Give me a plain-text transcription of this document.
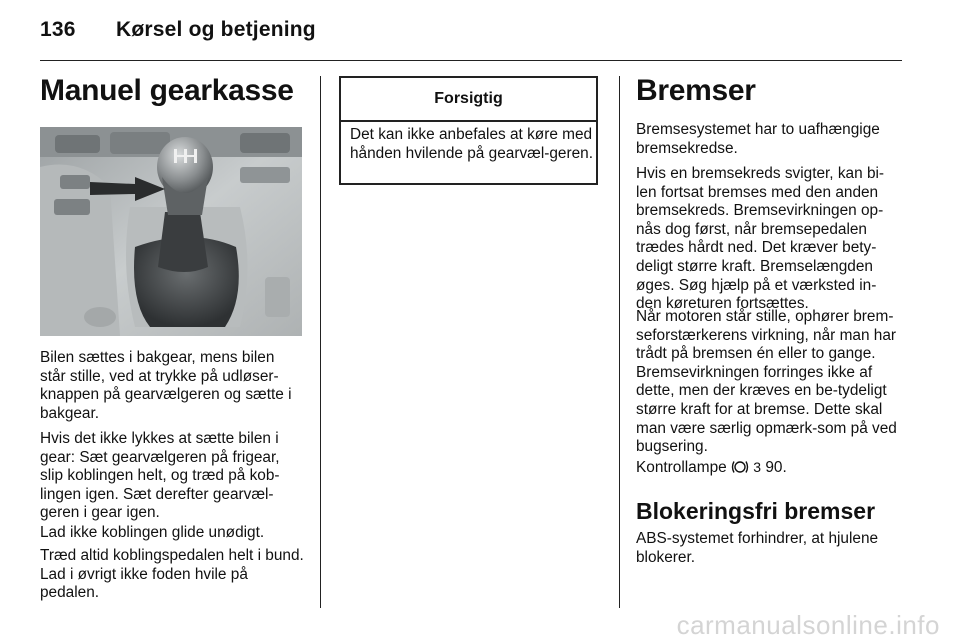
136 Kørsel og betjening
Manuel gearkasse

Bilen sættes i bakgear, mens bilen står stille, ved at trykke på udløser-knappen på gearvælgeren og sætte i bakgear.

Hvis det ikke lykkes at sætte bilen i gear: Sæt gearvælgeren på frigear, slip koblingen helt, og træd på kob-lingen igen. Sæt derefter gearvæl-geren i gear igen.

Lad ikke koblingen glide unødigt.

Træd altid koblingspedalen helt i bund. Lad i øvrigt ikke foden hvile på pedalen.

Forsigtig

Det kan ikke anbefales at køre med hånden hvilende på gearvæl-geren.

Bremser

Bremsesystemet har to uafhængige bremsekredse.

Hvis en bremsekreds svigter, kan bi-len fortsat bremses med den anden bremsekreds. Bremsevirkningen op-nås dog først, når bremsepedalen trædes hårdt ned. Det kræver bety-deligt større kraft. Bremselængden øges. Søg hjælp på et værksted in-den køreturen fortsættes.

Når motoren står stille, ophører brem-seforstærkerens virkning, når man har trådt på bremsen én eller to gange. Bremsevirkningen forringes ikke af dette, men der kræves en be-tydeligt større kraft for at bremse. Dette skal man være særlig opmærk-som på ved bugsering.

Kontrollampe 3 90.
Blokeringsfri bremser

ABS-systemet forhindrer, at hjulene blokerer.

carmanualsonline.info
